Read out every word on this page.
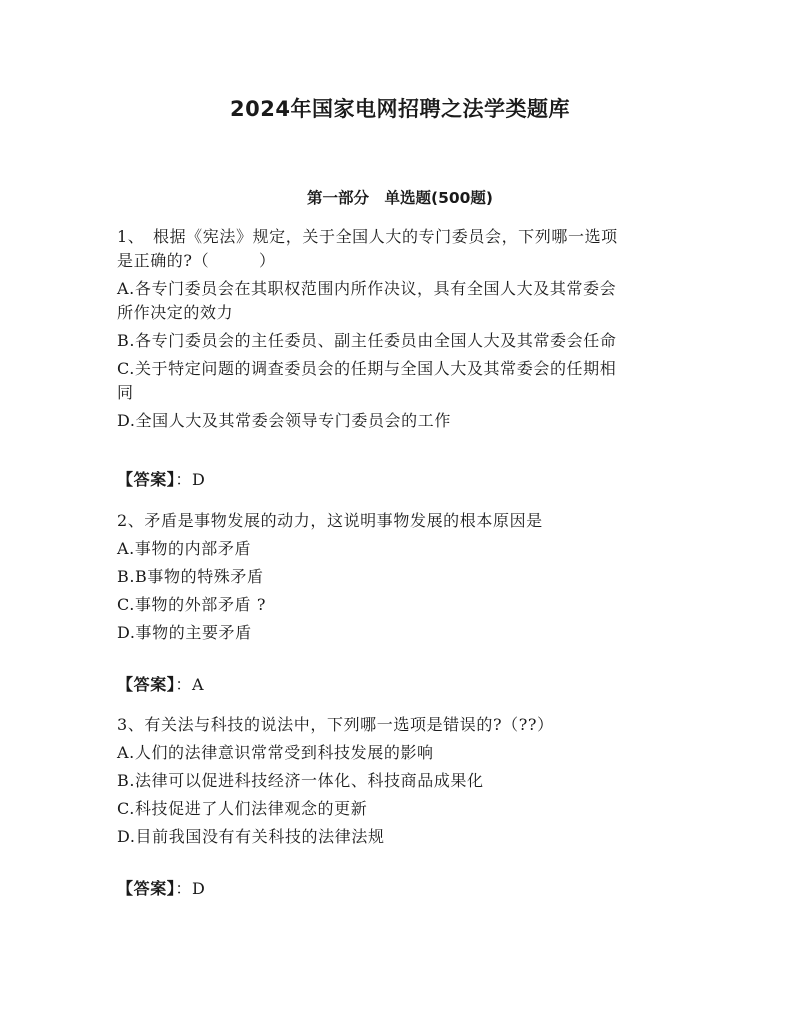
2024年国家电网招聘之法学类题库
第一部分　单选题(500题)
1、　根据《宪法》规定，关于全国人大的专门委员会，下列哪一选项
是正确的?（　　　）
A.各专门委员会在其职权范围内所作决议，具有全国人大及其常委会
所作决定的效力
B.各专门委员会的主任委员、副主任委员由全国人大及其常委会任命
C.关于特定问题的调查委员会的任期与全国人大及其常委会的任期相
同
D.全国人大及其常委会领导专门委员会的工作
【答案】：D
2、矛盾是事物发展的动力，这说明事物发展的根本原因是
A.事物的内部矛盾
B.B事物的特殊矛盾
C.事物的外部矛盾 ?
D.事物的主要矛盾
【答案】：A
3、有关法与科技的说法中，下列哪一选项是错误的?（??）
A.人们的法律意识常常受到科技发展的影响
B.法律可以促进科技经济一体化、科技商品成果化
C.科技促进了人们法律观念的更新
D.目前我国没有有关科技的法律法规
【答案】：D
